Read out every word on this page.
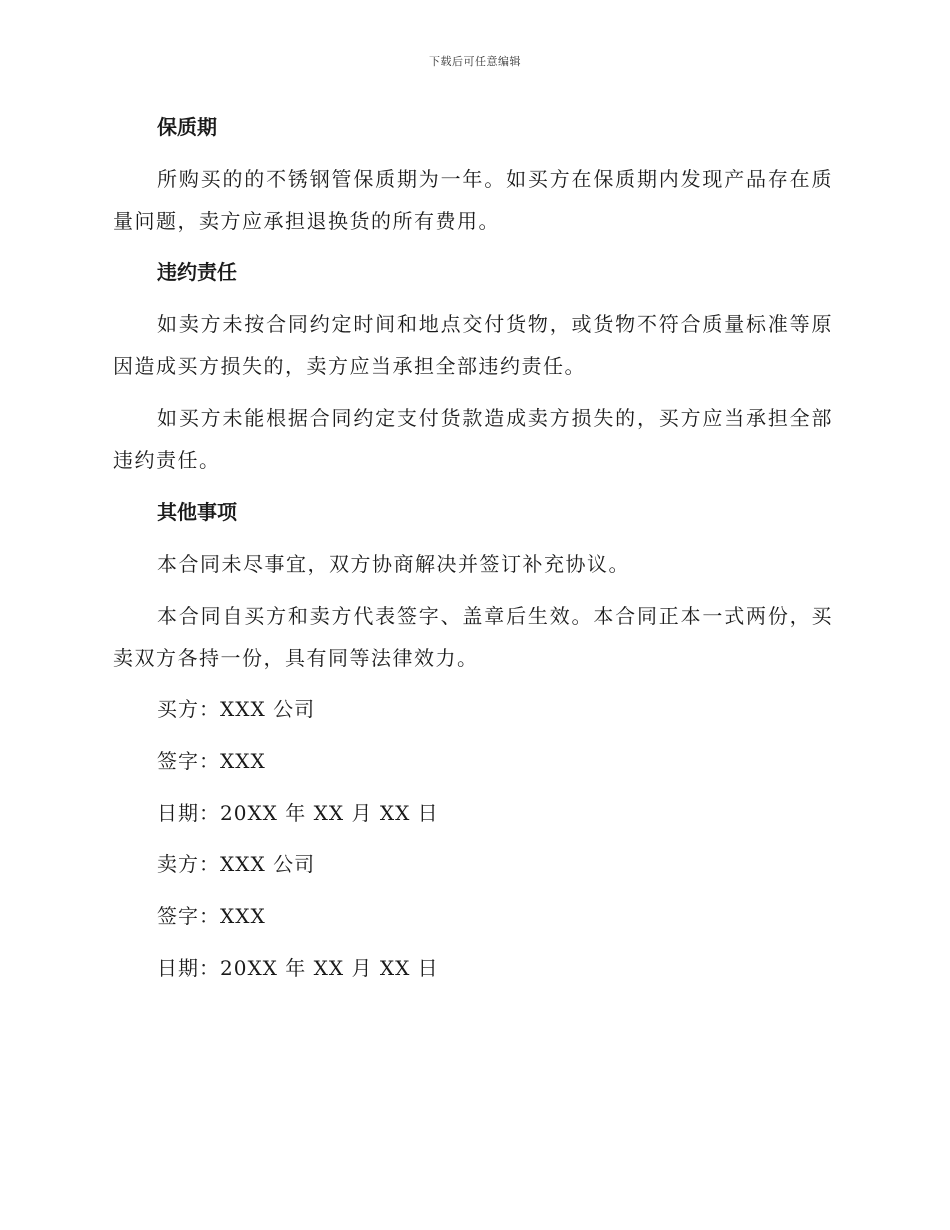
下载后可任意编辑
保质期
所购买的的不锈钢管保质期为一年。如买方在保质期内发现产品存在质量问题，卖方应承担退换货的所有费用。
违约责任
如卖方未按合同约定时间和地点交付货物，或货物不符合质量标准等原因造成买方损失的，卖方应当承担全部违约责任。
如买方未能根据合同约定支付货款造成卖方损失的，买方应当承担全部违约责任。
其他事项
本合同未尽事宜，双方协商解决并签订补充协议。
本合同自买方和卖方代表签字、盖章后生效。本合同正本一式两份，买卖双方各持一份，具有同等法律效力。
买方：XXX 公司
签字：XXX
日期：20XX 年 XX 月 XX 日
卖方：XXX 公司
签字：XXX
日期：20XX 年 XX 月 XX 日
